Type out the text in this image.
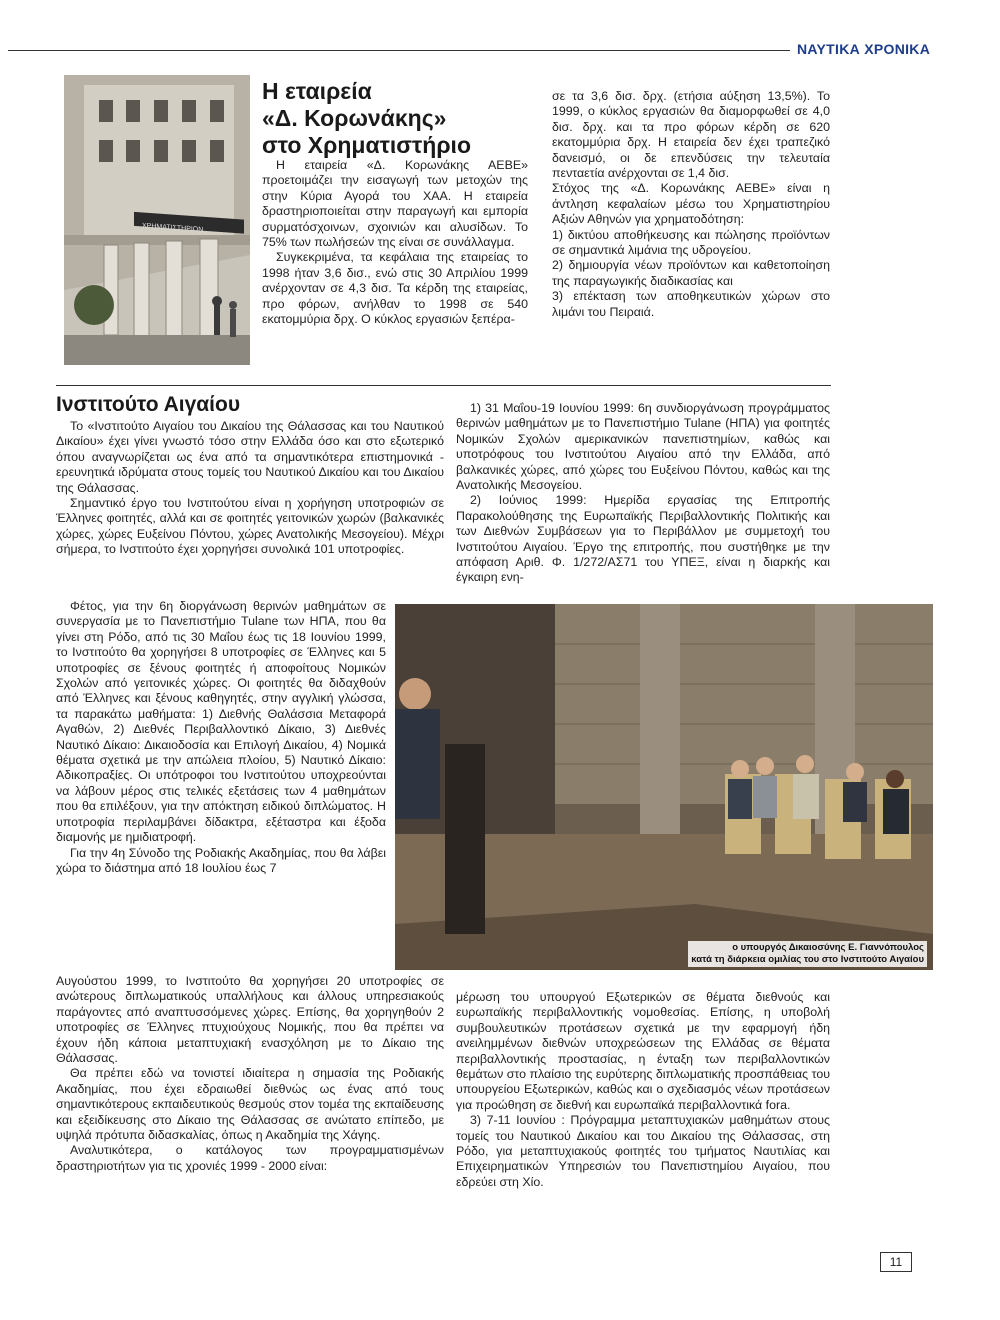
ΝΑΥΤΙΚΑ ΧΡΟΝΙΚΑ
ΧΡΗΜΑΤΙΣΤΗΡΙΟΝ
Η εταιρεία
«Δ. Κορωνάκης»
στο Χρηματιστήριο

Η εταιρεία «Δ. Κορωνάκης ΑΕΒΕ» προετοιμάζει την εισαγωγή των μετοχών της στην Κύρια Αγορά του ΧΑΑ. Η εταιρεία δραστηριοποιείται στην παραγωγή και εμπορία συρματόσχοινων, σχοινιών και αλυσίδων. Το 75% των πωλήσεών της είναι σε συνάλλαγμα.

Συγκεκριμένα, τα κεφάλαια της εταιρείας το 1998 ήταν 3,6 δισ., ενώ στις 30 Απριλίου 1999 ανέρχονταν σε 4,3 δισ. Τα κέρδη της εταιρείας, προ φόρων, ανήλθαν το 1998 σε 540 εκατομμύρια δρχ. Ο κύκλος εργασιών ξεπέρα-

σε τα 3,6 δισ. δρχ. (ετήσια αύξηση 13,5%). Το 1999, ο κύκλος εργασιών θα διαμορφωθεί σε 4,0 δισ. δρχ. και τα προ φόρων κέρδη σε 620 εκατομμύρια δρχ. Η εταιρεία δεν έχει τραπεζικό δανεισμό, οι δε επενδύσεις την τελευταία πενταετία ανέρχονται σε 1,4 δισ.

Στόχος της «Δ. Κορωνάκης ΑΕΒΕ» είναι η άντληση κεφαλαίων μέσω του Χρηματιστηρίου Αξιών Αθηνών για χρηματοδότηση:

1) δικτύου αποθήκευσης και πώλησης προϊόντων σε σημαντικά λιμάνια της υδρογείου.

2) δημιουργία νέων προϊόντων και καθετοποίηση της παραγωγικής διαδικασίας και

3) επέκταση των αποθηκευτικών χώρων στο λιμάνι του Πειραιά.

Ινστιτούτο Αιγαίου

Το «Ινστιτούτο Αιγαίου του Δικαίου της Θάλασσας και του Ναυτικού Δικαίου» έχει γίνει γνωστό τόσο στην Ελλάδα όσο και στο εξωτερικό όπου αναγνωρίζεται ως ένα από τα σημαντικότερα επιστημονικά - ερευνητικά ιδρύματα στους τομείς του Ναυτικού Δικαίου και του Δικαίου της Θάλασσας.

Σημαντικό έργο του Ινστιτούτου είναι η χορήγηση υποτροφιών σε Έλληνες φοιτητές, αλλά και σε φοιτητές γειτονικών χωρών (βαλκανικές χώρες, χώρες Ευξείνου Πόντου, χώρες Ανατολικής Μεσογείου). Μέχρι σήμερα, το Ινστιτούτο έχει χορηγήσει συνολικά 101 υποτροφίες.

Φέτος, για την 6η διοργάνωση θερινών μαθημάτων σε συνεργασία με το Πανεπιστήμιο Tulane των ΗΠΑ, που θα γίνει στη Ρόδο, από τις 30 Μαΐου έως τις 18 Ιουνίου 1999, το Ινστιτούτο θα χορηγήσει 8 υποτροφίες σε Έλληνες και 5 υποτροφίες σε ξένους φοιτητές ή αποφοίτους Νομικών Σχολών από γειτονικές χώρες. Οι φοιτητές θα διδαχθούν από Έλληνες και ξένους καθηγητές, στην αγγλική γλώσσα, τα παρακάτω μαθήματα: 1) Διεθνής Θαλάσσια Μεταφορά Αγαθών, 2) Διεθνές Περιβαλλοντικό Δίκαιο, 3) Διεθνές Ναυτικό Δίκαιο: Δικαιοδοσία και Επιλογή Δικαίου, 4) Νομικά θέματα σχετικά με την απώλεια πλοίου, 5) Ναυτικό Δίκαιο: Αδικοπραξίες. Οι υπότροφοι του Ινστιτούτου υποχρεούνται να λάβουν μέρος στις τελικές εξετάσεις των 4 μαθημάτων που θα επιλέξουν, για την απόκτηση ειδικού διπλώματος. Η υποτροφία περιλαμβάνει δίδακτρα, εξέταστρα και έξοδα διαμονής με ημιδιατροφή.

Για την 4η Σύνοδο της Ροδιακής Ακαδημίας, που θα λάβει χώρα το διάστημα από 18 Ιουλίου έως 7

Αυγούστου 1999, το Ινστιτούτο θα χορηγήσει 20 υποτροφίες σε ανώτερους διπλωματικούς υπαλλήλους και άλλους υπηρεσιακούς παράγοντες από αναπτυσσόμενες χώρες. Επίσης, θα χορηγηθούν 2 υποτροφίες σε Έλληνες πτυχιούχους Νομικής, που θα πρέπει να έχουν ήδη κάποια μεταπτυχιακή ενασχόληση με το Δίκαιο της Θάλασσας.

Θα πρέπει εδώ να τονιστεί ιδιαίτερα η σημασία της Ροδιακής Ακαδημίας, που έχει εδραιωθεί διεθνώς ως ένας από τους σημαντικότερους εκπαιδευτικούς θεσμούς στον τομέα της εκπαίδευσης και εξειδίκευσης στο Δίκαιο της Θάλασσας σε ανώτατο επίπεδο, με υψηλά πρότυπα διδασκαλίας, όπως η Ακαδημία της Χάγης.

Αναλυτικότερα, ο κατάλογος των προγραμματισμένων δραστηριοτήτων για τις χρονιές 1999 - 2000 είναι:

1) 31 Μαΐου-19 Ιουνίου 1999: 6η συνδιοργάνωση προγράμματος θερινών μαθημάτων με το Πανεπιστήμιο Tulane (ΗΠΑ) για φοιτητές Νομικών Σχολών αμερικανικών πανεπιστημίων, καθώς και υποτρόφους του Ινστιτούτου Αιγαίου από την Ελλάδα, από βαλκανικές χώρες, από χώρες του Ευξείνου Πόντου, καθώς και της Ανατολικής Μεσογείου.

2) Ιούνιος 1999: Ημερίδα εργασίας της Επιτροπής Παρακολούθησης της Ευρωπαϊκής Περιβαλλοντικής Πολιτικής και των Διεθνών Συμβάσεων για το Περιβάλλον με συμμετοχή του Ινστιτούτου Αιγαίου. Έργο της επιτροπής, που συστήθηκε με την απόφαση Αριθ. Φ. 1/272/ΑΣ71 του ΥΠΕΞ, είναι η διαρκής και έγκαιρη ενη-

ο υπουργός Δικαιοσύνης Ε. Γιαννόπουλος
κατά τη διάρκεια ομιλίας του στο Ινστιτούτο Αιγαίου

μέρωση του υπουργού Εξωτερικών σε θέματα διεθνούς και ευρωπαϊκής περιβαλλοντικής νομοθεσίας. Επίσης, η υποβολή συμβουλευτικών προτάσεων σχετικά με την εφαρμογή ήδη ανειλημμένων διεθνών υποχρεώσεων της Ελλάδας σε θέματα περιβαλλοντικής προστασίας, η ένταξη των περιβαλλοντικών θεμάτων στο πλαίσιο της ευρύτερης διπλωματικής προσπάθειας του υπουργείου Εξωτερικών, καθώς και ο σχεδιασμός νέων προτάσεων για προώθηση σε διεθνή και ευρωπαϊκά περιβαλλοντικά fora.

3) 7-11 Ιουνίου : Πρόγραμμα μεταπτυχιακών μαθημάτων στους τομείς του Ναυτικού Δικαίου και του Δικαίου της Θάλασσας, στη Ρόδο, για μεταπτυχιακούς φοιτητές του τμήματος Ναυτιλίας και Επιχειρηματικών Υπηρεσιών του Πανεπιστημίου Αιγαίου, που εδρεύει στη Χίο.

11
